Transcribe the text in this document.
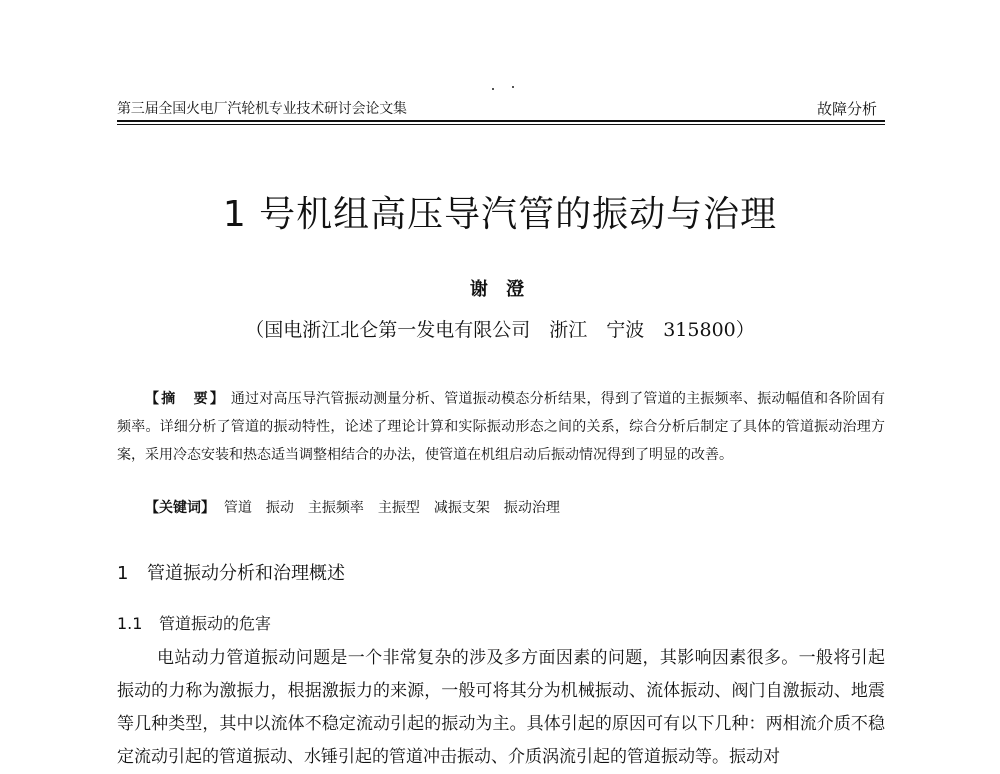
第三届全国火电厂汽轮机专业技术研讨会论文集	故障分析
1 号机组高压导汽管的振动与治理
谢 澄
（国电浙江北仑第一发电有限公司　浙江　宁波　315800）
【摘　要】 通过对高压导汽管振动测量分析、管道振动模态分析结果，得到了管道的主振频率、振动幅值和各阶固有频率。详细分析了管道的振动特性，论述了理论计算和实际振动形态之间的关系，综合分析后制定了具体的管道振动治理方案，采用冷态安装和热态适当调整相结合的办法，使管道在机组启动后振动情况得到了明显的改善。
【关键词】 管道 振动 主振频率 主振型 减振支架 振动治理
1 管道振动分析和治理概述
1.1 管道振动的危害
电站动力管道振动问题是一个非常复杂的涉及多方面因素的问题，其影响因素很多。一般将引起振动的力称为激振力，根据激振力的来源，一般可将其分为机械振动、流体振动、阀门自激振动、地震等几种类型，其中以流体不稳定流动引起的振动为主。具体引起的原因可有以下几种：两相流介质不稳定流动引起的管道振动、水锤引起的管道冲击振动、介质涡流引起的管道振动等。振动对
